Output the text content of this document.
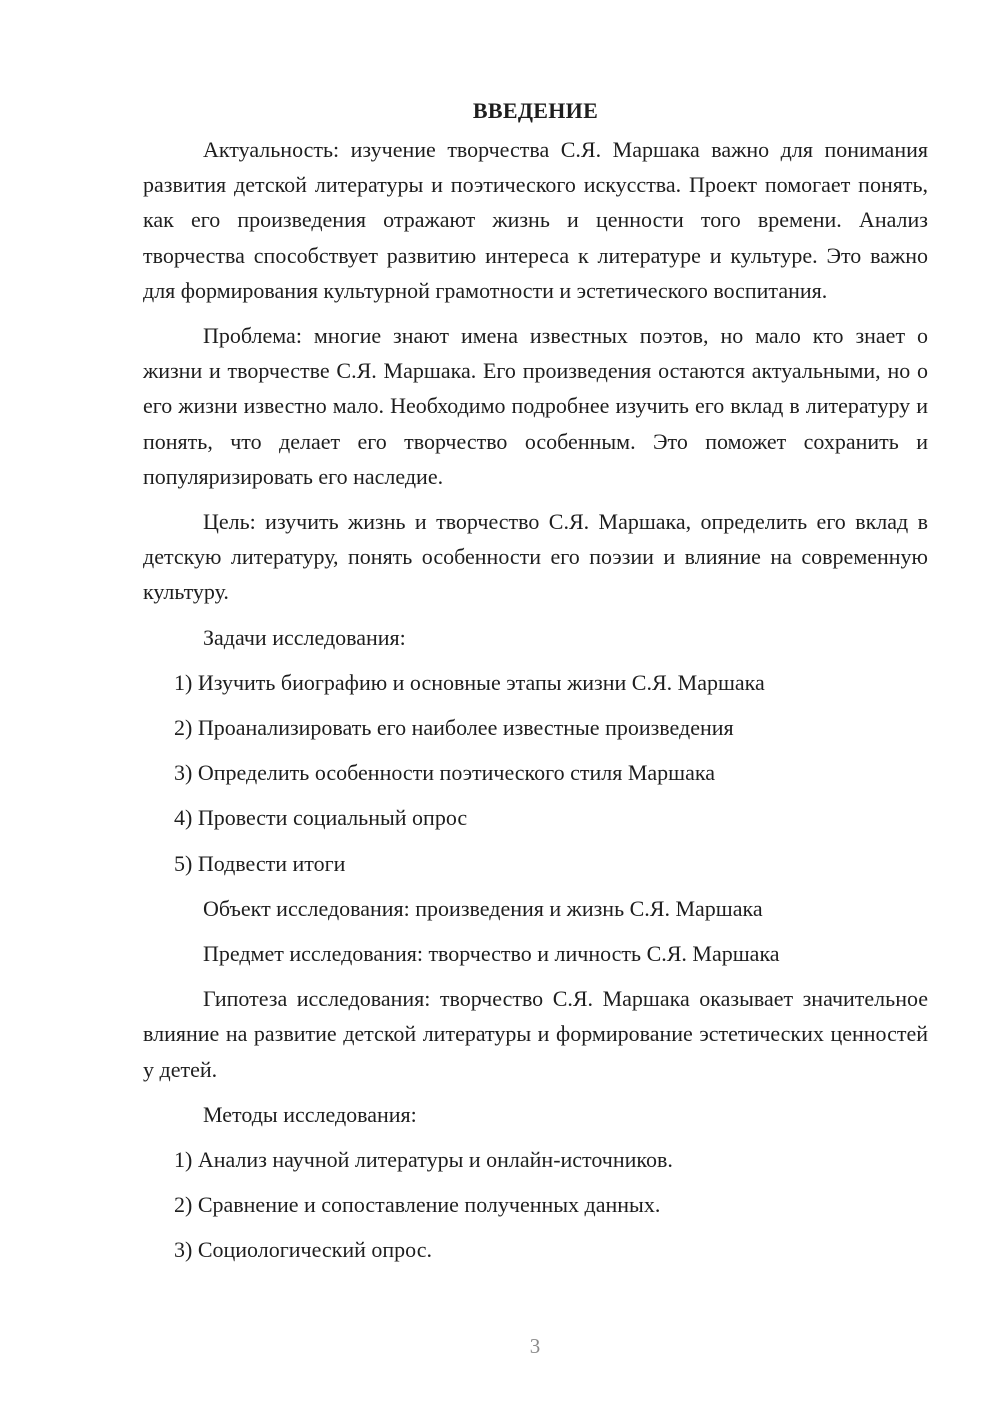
ВВЕДЕНИЕ

Актуальность: изучение творчества С.Я. Маршака важно для понимания развития детской литературы и поэтического искусства. Проект помогает понять, как его произведения отражают жизнь и ценности того времени. Анализ творчества способствует развитию интереса к литературе и культуре. Это важно для формирования культурной грамотности и эстетического воспитания.

Проблема: многие знают имена известных поэтов, но мало кто знает о жизни и творчестве С.Я. Маршака. Его произведения остаются актуальными, но о его жизни известно мало. Необходимо подробнее изучить его вклад в литературу и понять, что делает его творчество особенным. Это поможет сохранить и популяризировать его наследие.

Цель: изучить жизнь и творчество С.Я. Маршака, определить его вклад в детскую литературу, понять особенности его поэзии и влияние на современную культуру.

Задачи исследования:
1) Изучить биографию и основные этапы жизни С.Я. Маршака
2) Проанализировать его наиболее известные произведения
3) Определить особенности поэтического стиля Маршака
4) Провести социальный опрос
5) Подвести итоги
Объект исследования: произведения и жизнь С.Я. Маршака
Предмет исследования: творчество и личность С.Я. Маршака

Гипотеза исследования: творчество С.Я. Маршака оказывает значительное влияние на развитие детской литературы и формирование эстетических ценностей у детей.

Методы исследования:
1) Анализ научной литературы и онлайн-источников.
2) Сравнение и сопоставление полученных данных.
3) Социологический опрос.
3
